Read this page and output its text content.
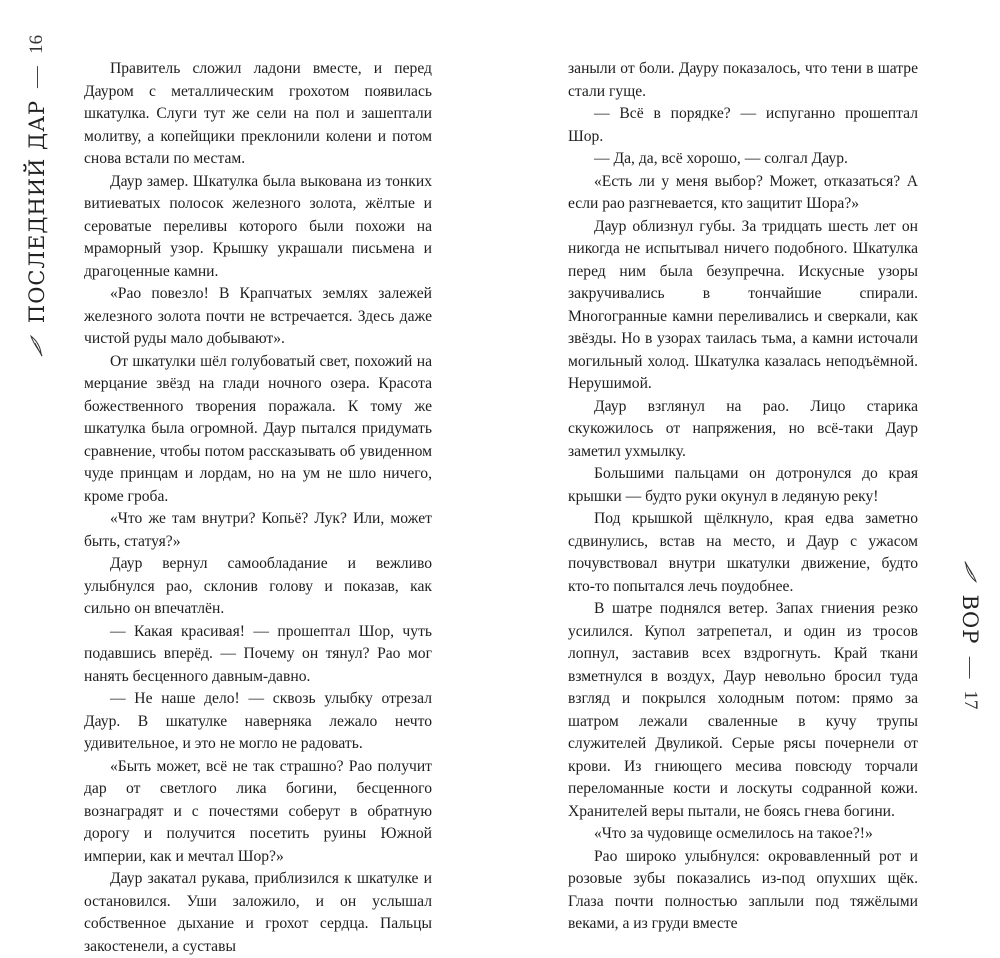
ПОСЛЕДНИЙ ДАР
16

Правитель сложил ладони вместе, и перед Дауром с металлическим грохотом появилась шкатулка. Слуги тут же сели на пол и зашептали молитву, а копейщики преклонили колени и потом снова встали по местам.

Даур замер. Шкатулка была выкована из тонких витиеватых полосок железного золота, жёлтые и сероватые переливы которого были похожи на мраморный узор. Крышку украшали письмена и драгоценные камни.

«Рао повезло! В Крапчатых землях залежей железного золота почти не встречается. Здесь даже чистой руды мало добывают».

От шкатулки шёл голубоватый свет, похожий на мерцание звёзд на глади ночного озера. Красота божественного творения поражала. К тому же шкатулка была огромной. Даур пытался придумать сравнение, чтобы потом рассказывать об увиденном чуде принцам и лордам, но на ум не шло ничего, кроме гроба.

«Что же там внутри? Копьё? Лук? Или, может быть, статуя?»

Даур вернул самообладание и вежливо улыбнулся рао, склонив голову и показав, как сильно он впечатлён.

— Какая красивая! — прошептал Шор, чуть подавшись вперёд. — Почему он тянул? Рао мог нанять бесценного давным-давно.

— Не наше дело! — сквозь улыбку отрезал Даур. В шкатулке наверняка лежало нечто удивительное, и это не могло не радовать.

«Быть может, всё не так страшно? Рао получит дар от светлого лика богини, бесценного вознаградят и с почестями соберут в обратную дорогу и получится посетить руины Южной империи, как и мечтал Шор?»

Даур закатал рукава, приблизился к шкатулке и остановился. Уши заложило, и он услышал собственное дыхание и грохот сердца. Пальцы закостенели, а суставы

заныли от боли. Дауру показалось, что тени в шатре стали гуще.

— Всё в порядке? — испуганно прошептал Шор.

— Да, да, всё хорошо, — солгал Даур.

«Есть ли у меня выбор? Может, отказаться? А если рао разгневается, кто защитит Шора?»

Даур облизнул губы. За тридцать шесть лет он никогда не испытывал ничего подобного. Шкатулка перед ним была безупречна. Искусные узоры закручивались в тончайшие спирали. Многогранные камни переливались и сверкали, как звёзды. Но в узорах таилась тьма, а камни источали могильный холод. Шкатулка казалась неподъёмной. Нерушимой.

Даур взглянул на рао. Лицо старика скукожилось от напряжения, но всё-таки Даур заметил ухмылку.

Большими пальцами он дотронулся до края крышки — будто руки окунул в ледяную реку!

Под крышкой щёлкнуло, края едва заметно сдвинулись, встав на место, и Даур с ужасом почувствовал внутри шкатулки движение, будто кто-то попытался лечь поудобнее.

В шатре поднялся ветер. Запах гниения резко усилился. Купол затрепетал, и один из тросов лопнул, заставив всех вздрогнуть. Край ткани взметнулся в воздух, Даур невольно бросил туда взгляд и покрылся холодным потом: прямо за шатром лежали сваленные в кучу трупы служителей Двуликой. Серые рясы почернели от крови. Из гниющего месива повсюду торчали переломанные кости и лоскуты содранной кожи. Хранителей веры пытали, не боясь гнева богини.

«Что за чудовище осмелилось на такое?!»

Рао широко улыбнулся: окровавленный рот и розовые зубы показались из-под опухших щёк. Глаза почти полностью заплыли под тяжёлыми веками, а из груди вместе

ВОР
17
